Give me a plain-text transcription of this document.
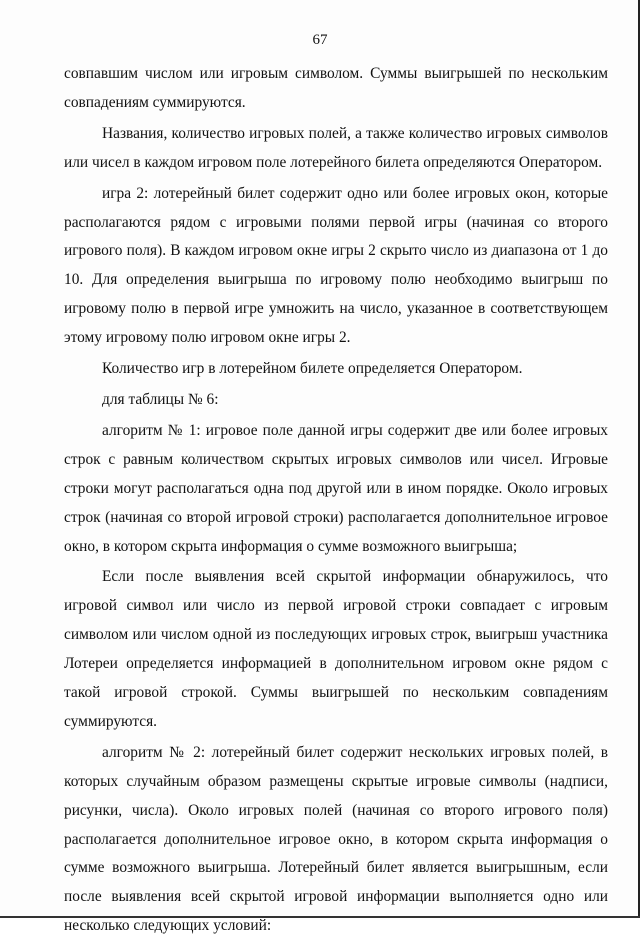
67

совпавшим числом или игровым символом. Суммы выигрышей по нескольким совпадениям суммируются.

Названия, количество игровых полей, а также количество игровых символов или чисел в каждом игровом поле лотерейного билета определяются Оператором.

игра 2: лотерейный билет содержит одно или более игровых окон, которые располагаются рядом с игровыми полями первой игры (начиная со второго игрового поля). В каждом игровом окне игры 2 скрыто число из диапазона от 1 до 10. Для определения выигрыша по игровому полю необходимо выигрыш по игровому полю в первой игре умножить на число, указанное в соответствующем этому игровому полю игровом окне игры 2.

Количество игр в лотерейном билете определяется Оператором.

для таблицы № 6:

алгоритм № 1: игровое поле данной игры содержит две или более игровых строк с равным количеством скрытых игровых символов или чисел. Игровые строки могут располагаться одна под другой или в ином порядке. Около игровых строк (начиная со второй игровой строки) располагается дополнительное игровое окно, в котором скрыта информация о сумме возможного выигрыша;

Если после выявления всей скрытой информации обнаружилось, что игровой символ или число из первой игровой строки совпадает с игровым символом или числом одной из последующих игровых строк, выигрыш участника Лотереи определяется информацией в дополнительном игровом окне рядом с такой игровой строкой. Суммы выигрышей по нескольким совпадениям суммируются.

алгоритм № 2: лотерейный билет содержит нескольких игровых полей, в которых случайным образом размещены скрытые игровые символы (надписи, рисунки, числа). Около игровых полей (начиная со второго игрового поля) располагается дополнительное игровое окно, в котором скрыта информация о сумме возможного выигрыша. Лотерейный билет является выигрышным, если после выявления всей скрытой игровой информации выполняется одно или несколько следующих условий:
